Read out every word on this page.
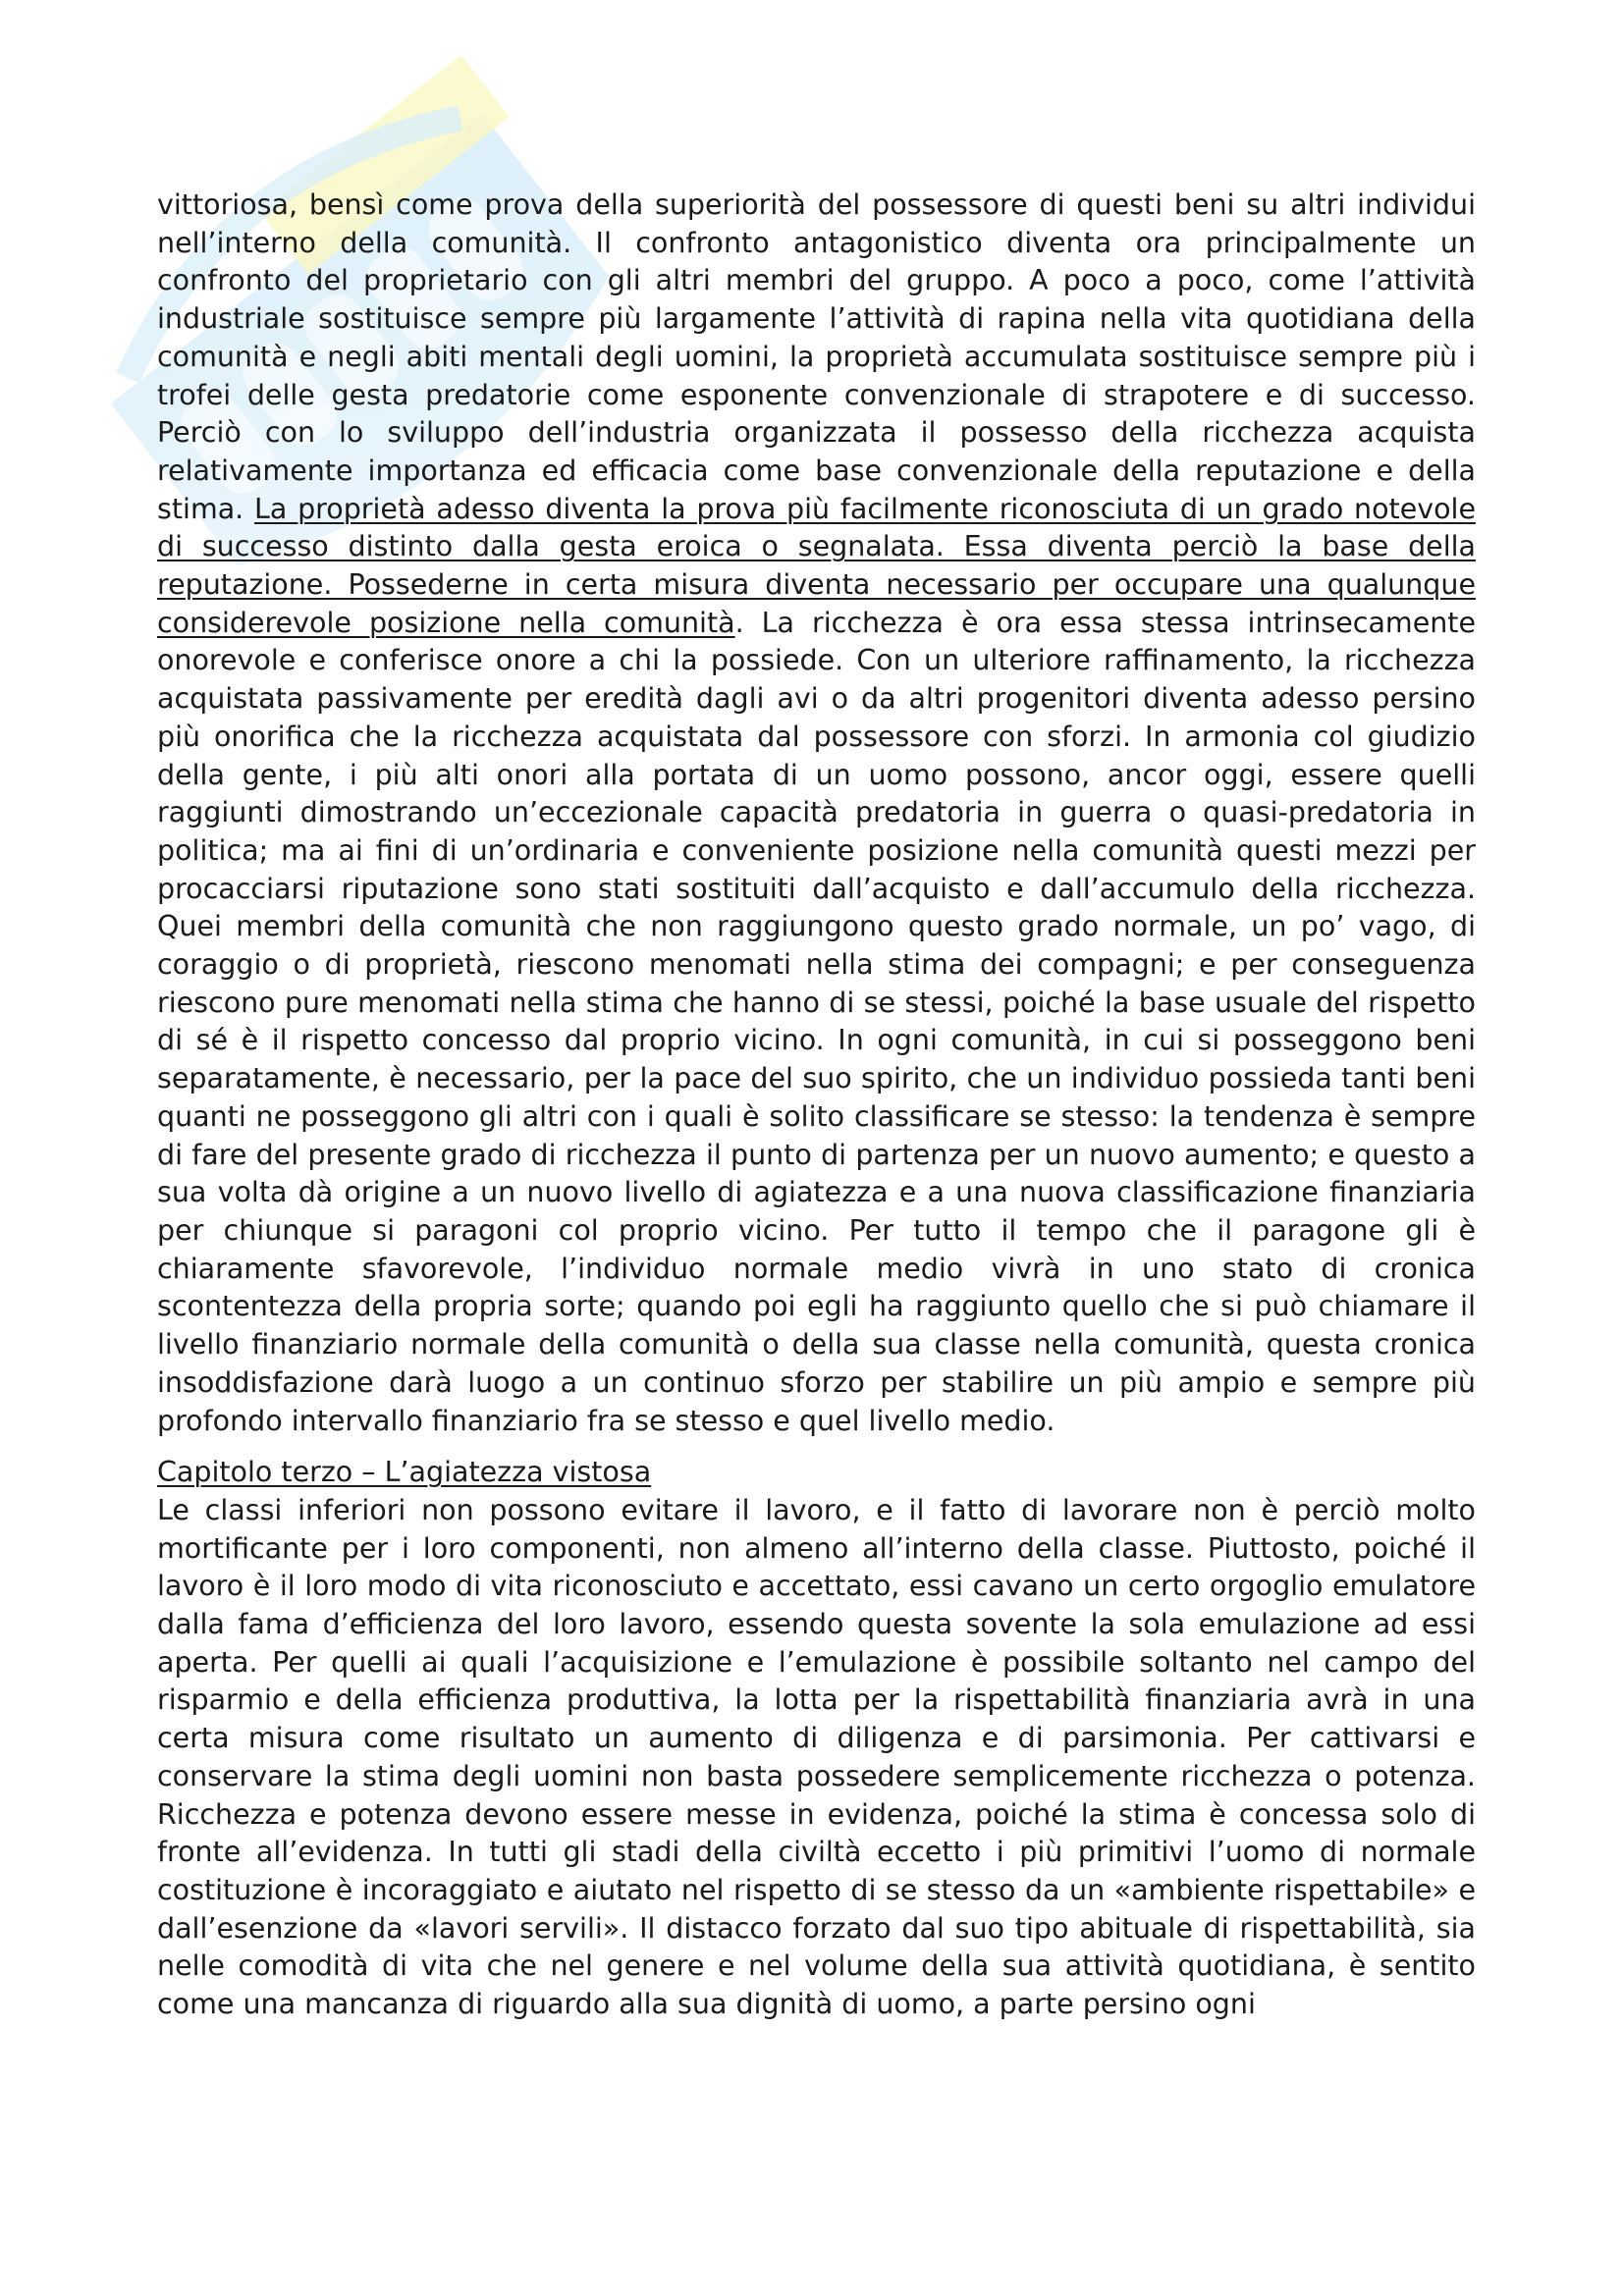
vittoriosa, bensì come prova della superiorità del possessore di questi beni su altri individui nell’interno della comunità. Il confronto antagonistico diventa ora principalmente un confronto del proprietario con gli altri membri del gruppo. A poco a poco, come l’attività industriale sostituisce sempre più largamente l’attività di rapina nella vita quotidiana della comunità e negli abiti mentali degli uomini, la proprietà accumulata sostituisce sempre più i trofei delle gesta predatorie come esponente convenzionale di strapotere e di successo. Perciò con lo sviluppo dell’industria organizzata il possesso della ricchezza acquista relativamente importanza ed efficacia come base convenzionale della reputazione e della stima. La proprietà adesso diventa la prova più facilmente riconosciuta di un grado notevole di successo distinto dalla gesta eroica o segnalata. Essa diventa perciò la base della reputazione. Possederne in certa misura diventa necessario per occupare una qualunque considerevole posizione nella comunità. La ricchezza è ora essa stessa intrinsecamente onorevole e conferisce onore a chi la possiede. Con un ulteriore raffinamento, la ricchezza acquistata passivamente per eredità dagli avi o da altri progenitori diventa adesso persino più onorifica che la ricchezza acquistata dal possessore con sforzi. In armonia col giudizio della gente, i più alti onori alla portata di un uomo possono, ancor oggi, essere quelli raggiunti dimostrando un’eccezionale capacità predatoria in guerra o quasi-predatoria in politica; ma ai fini di un’ordinaria e conveniente posizione nella comunità questi mezzi per procacciarsi riputazione sono stati sostituiti dall’acquisto e dall’accumulo della ricchezza. Quei membri della comunità che non raggiungono questo grado normale, un po’ vago, di coraggio o di proprietà, riescono menomati nella stima dei compagni; e per conseguenza riescono pure menomati nella stima che hanno di se stessi, poiché la base usuale del rispetto di sé è il rispetto concesso dal proprio vicino. In ogni comunità, in cui si posseggono beni separatamente, è necessario, per la pace del suo spirito, che un individuo possieda tanti beni quanti ne posseggono gli altri con i quali è solito classificare se stesso: la tendenza è sempre di fare del presente grado di ricchezza il punto di partenza per un nuovo aumento; e questo a sua volta dà origine a un nuovo livello di agiatezza e a una nuova classificazione finanziaria per chiunque si paragoni col proprio vicino. Per tutto il tempo che il paragone gli è chiaramente sfavorevole, l’individuo normale medio vivrà in uno stato di cronica scontentezza della propria sorte; quando poi egli ha raggiunto quello che si può chiamare il livello finanziario normale della comunità o della sua classe nella comunità, questa cronica insoddisfazione darà luogo a un continuo sforzo per stabilire un più ampio e sempre più profondo intervallo finanziario fra se stesso e quel livello medio.

Capitolo terzo – L’agiatezza vistosa

Le classi inferiori non possono evitare il lavoro, e il fatto di lavorare non è perciò molto mortificante per i loro componenti, non almeno all’interno della classe. Piuttosto, poiché il lavoro è il loro modo di vita riconosciuto e accettato, essi cavano un certo orgoglio emulatore dalla fama d’efficienza del loro lavoro, essendo questa sovente la sola emulazione ad essi aperta. Per quelli ai quali l’acquisizione e l’emulazione è possibile soltanto nel campo del risparmio e della efficienza produttiva, la lotta per la rispettabilità finanziaria avrà in una certa misura come risultato un aumento di diligenza e di parsimonia. Per cattivarsi e conservare la stima degli uomini non basta possedere semplicemente ricchezza o potenza. Ricchezza e potenza devono essere messe in evidenza, poiché la stima è concessa solo di fronte all’evidenza. In tutti gli stadi della civiltà eccetto i più primitivi l’uomo di normale costituzione è incoraggiato e aiutato nel rispetto di se stesso da un «ambiente rispettabile» e dall’esenzione da «lavori servili». Il distacco forzato dal suo tipo abituale di rispettabilità, sia nelle comodità di vita che nel genere e nel volume della sua attività quotidiana, è sentito come una mancanza di riguardo alla sua dignità di uomo, a parte persino ogni
